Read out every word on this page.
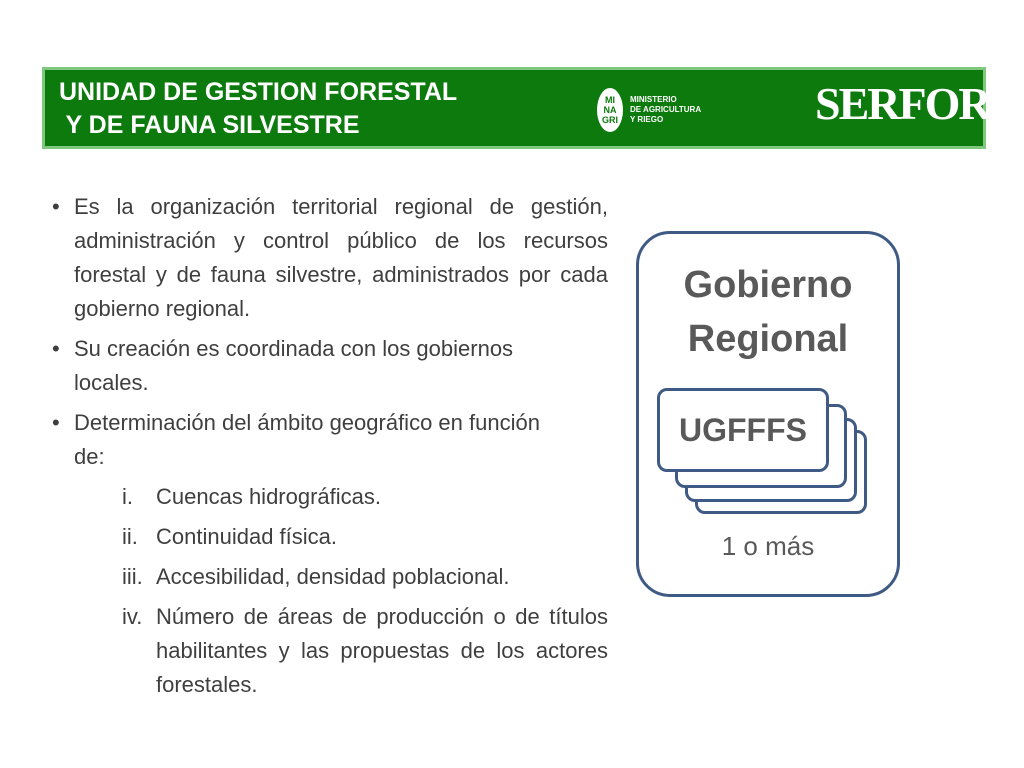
UNIDAD DE GESTION FORESTAL
Y DE FAUNA SILVESTRE
MI
NA
GRI
MINISTERIO
DE AGRICULTURA
Y RIEGO	SERFOR Servicio
Nacional
Forestal y
de Fauna
Silvestre
• Es la organización territorial regional de gestión, administración y control público de los recursos forestal y de fauna silvestre, administrados por cada gobierno regional.
• Su creación es coordinada con los gobiernos locales.
• Determinación del ámbito geográfico en función de:
i.	Cuencas hidrográficas.
ii. Continuidad física.
iii. Accesibilidad, densidad poblacional.
iv. Número de áreas de producción o de títulos habilitantes y las propuestas de los actores forestales.
Gobierno
Regional
UGFFFS
1 o más
